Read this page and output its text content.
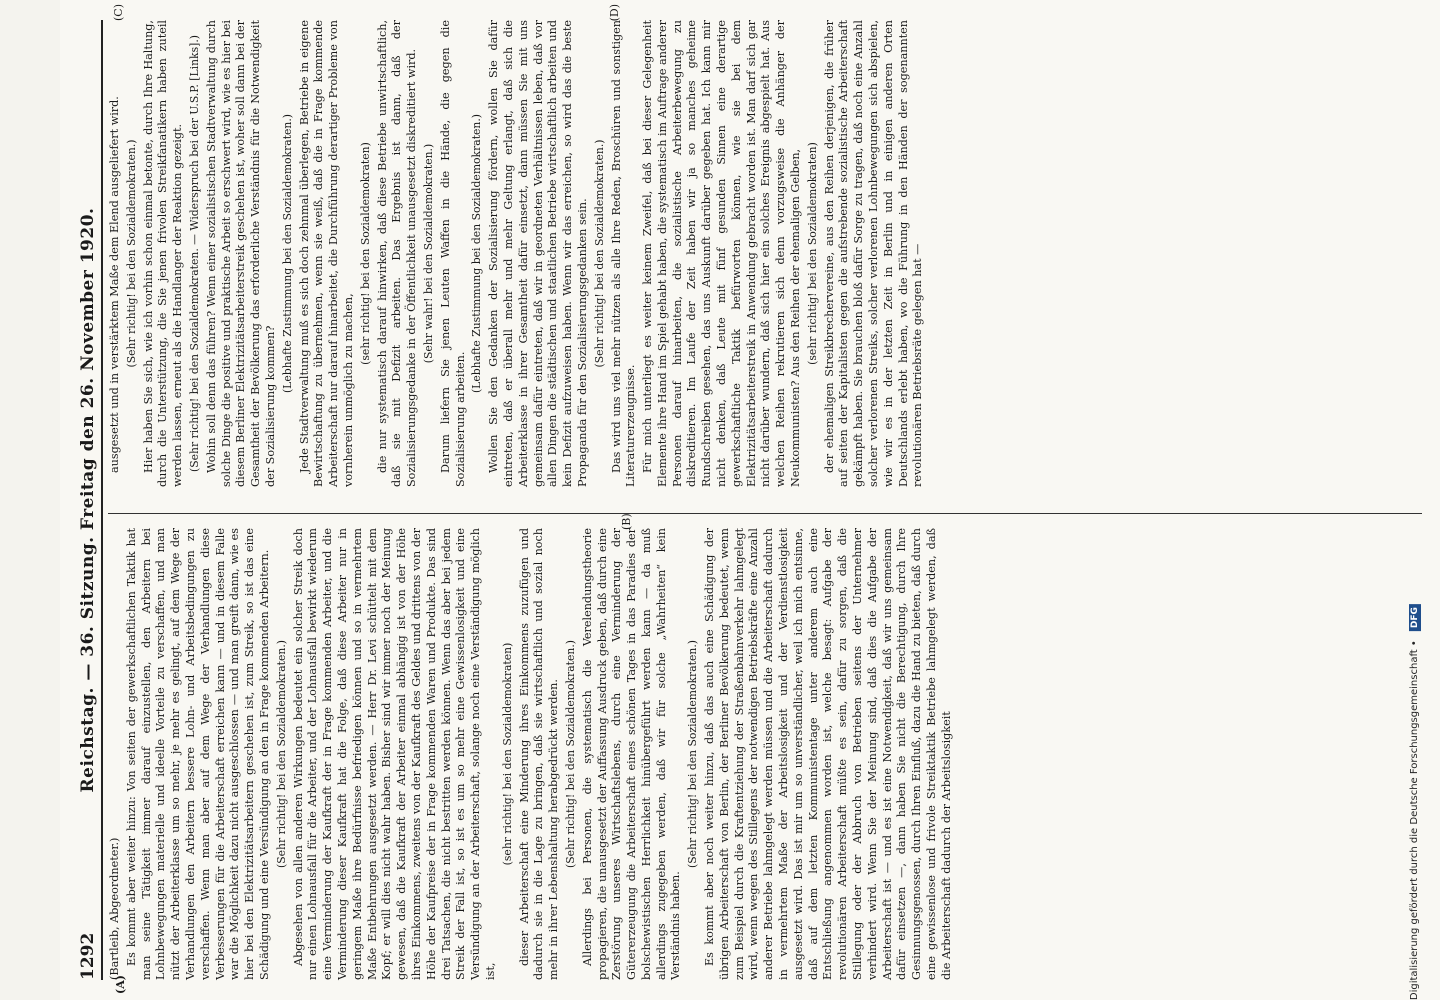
1292
Reichstag. — 36. Sitzung. Freitag den 26. November 1920.
(A)

(Bartleib, Abgeordneter.) Es kommt aber weiter hinzu: Von seiten der gewerkschaftlichen Taktik hat man seine Tätigkeit immer darauf einzustellen, den Arbeitern bei Lohnbewegungen materielle und ideelle Vorteile zu verschaffen, und man nützt der Arbeiterklasse um so mehr, je mehr es gelingt, auf dem Wege der Verhandlungen den Arbeitern bessere Lohn- und Arbeitsbedingungen zu verschaffen. Wenn man aber auf dem Wege der Verhandlungen diese Verbesserungen für die Arbeiterschaft erreichen kann — und in diesem Falle war die Möglichkeit dazu nicht ausgeschlossen — und man greift dann, wie es hier bei den Elektrizitätsarbeitern geschehen ist, zum Streik, so ist das eine Schädigung und eine Versündigung an den in Frage kommenden Arbeitern. (Sehr richtig! bei den Sozialdemokraten.) Abgesehen von allen anderen Wirkungen bedeutet ein solcher Streik doch nur einen Lohnausfall für die Arbeiter, und der Lohnausfall bewirkt wiederum eine Verminderung der Kaufkraft der in Frage kommenden Arbeiter, und die Verminderung dieser Kaufkraft hat die Folge, daß diese Arbeiter nur in geringem Maße ihre Bedürfnisse befriedigen können und so in vermehrtem Maße Entbehrungen ausgesetzt werden. — Herr Dr. Levi schüttelt mit dem Kopf; er will dies nicht wahr haben. Bisher sind wir immer noch der Meinung gewesen, daß die Kaufkraft der Arbeiter einmal abhängig ist von der Höhe ihres Einkommens, zweitens von der Kaufkraft des Geldes und drittens von der Höhe der Kaufpreise der in Frage kommenden Waren und Produkte. Das sind drei Tatsachen, die nicht bestritten werden können. Wenn das aber bei jedem Streik der Fall ist, so ist es um so mehr eine Gewissenlosigkeit und eine Versündigung an der Arbeiterschaft, solange noch eine Verständigung möglich ist,

(sehr richtig! bei den Sozialdemokraten) dieser Arbeiterschaft eine Minderung ihres Einkommens zuzufügen und dadurch sie in die Lage zu bringen, daß sie wirtschaftlich und sozial noch mehr in ihrer Lebenshaltung herabgedrückt werden. (Sehr richtig! bei den Sozialdemokraten.) Allerdings bei Personen, die systematisch die Verelendungstheorie propagieren, die unausgesetzt der Auffassung Ausdruck geben, daß durch eine Zerstörung unseres Wirtschaftslebens, durch eine Verminderung der Gütererzeugung die Arbeiterschaft eines schönen Tages in das Paradies der bolschewistischen Herrlichkeit hinübergeführt werden kann — da muß allerdings zugegeben werden, daß wir für solche „Wahrheiten“ kein Verständnis haben.

(Sehr richtig! bei den Sozialdemokraten.) Es kommt aber noch weiter hinzu, daß das auch eine Schädigung der übrigen Arbeiterschaft von Berlin, der Berliner Bevölkerung bedeutet, wenn zum Beispiel durch die Kraftentziehung der Straßenbahnverkehr lahmgelegt wird, wenn wegen des Stillegens der notwendigen Betriebskräfte eine Anzahl anderer Betriebe lahmgelegt werden müssen und die Arbeiterschaft dadurch in vermehrtem Maße der Arbeitslosigkeit und der Verdienstlosigkeit ausgesetzt wird. Das ist mir um so unverständlicher, weil ich mich entsinne, daß auf dem letzten Kommunistentage unter anderem auch eine Entschließung angenommen worden ist, welche besagt: Aufgabe der revolutionären Arbeiterschaft müßte es sein, dafür zu sorgen, daß die Stillegung oder der Abbruch von Betrieben seitens der Unternehmer verhindert wird. Wenn Sie der Meinung sind, daß dies die Aufgabe der Arbeiterschaft ist — und es ist eine Notwendigkeit, daß wir uns gemeinsam dafür einsetzen —, dann haben Sie nicht die Berechtigung, durch Ihre Gesinnungsgenossen, durch Ihren Einfluß, dazu die Hand zu bieten, daß durch eine gewissenlose und frivole Streiktaktik Betriebe lahmgelegt werden, daß die Arbeiterschaft dadurch der Arbeitslosigkeit

(C)	(D)

ausgesetzt und in verstärktem Maße dem Elend ausgeliefert wird. (Sehr richtig! bei den Sozialdemokraten.) Hier haben Sie sich, wie ich vorhin schon einmal betonte, durch Ihre Haltung, durch die Unterstützung, die Sie jenen frivolen Streikfanatikern haben zuteil werden lassen, erneut als die Handlanger der Reaktion gezeigt. (Sehr richtig! bei den Sozialdemokraten. — Widerspruch bei der U.S.P. [Links].) Wohin soll denn das führen? Wenn einer sozialistischen Stadtverwaltung durch solche Dinge die positive und praktische Arbeit so erschwert wird, wie es hier bei diesem Berliner Elektrizitätsarbeiterstreik geschehen ist, woher soll dann bei der Gesamtheit der Bevölkerung das erforderliche Verständnis für die Notwendigkeit der Sozialisierung kommen?

(Lebhafte Zustimmung bei den Sozialdemokraten.) Jede Stadtverwaltung muß es sich doch zehnmal überlegen, Betriebe in eigene Bewirtschaftung zu übernehmen, wenn sie weiß, daß die in Frage kommende Arbeiterschaft nur darauf hinarbeitet, die Durchführung derartiger Probleme von vornherein unmöglich zu machen,

(sehr richtig! bei den Sozialdemokraten) die nur systematisch darauf hinwirken, daß diese Betriebe unwirtschaftlich, daß sie mit Defizit arbeiten. Das Ergebnis ist dann, daß der Sozialisierungsgedanke in der Öffentlichkeit unausgesetzt diskreditiert wird. (Sehr wahr! bei den Sozialdemokraten.) Darum liefern Sie jenen Leuten Waffen in die Hände, die gegen die Sozialisierung arbeiten.

(Lebhafte Zustimmung bei den Sozialdemokraten.) Wollen Sie den Gedanken der Sozialisierung fördern, wollen Sie dafür eintreten, daß er überall mehr und mehr Geltung erlangt, daß sich die Arbeiterklasse in ihrer Gesamtheit dafür einsetzt, dann müssen Sie mit uns gemeinsam dafür eintreten, daß wir in geordneten Verhältnissen leben, daß vor allen Dingen die städtischen und staatlichen Betriebe wirtschaftlich arbeiten und kein Defizit aufzuweisen haben. Wenn wir das erreichen, so wird das die beste Propaganda für den Sozialisierungsgedanken sein. (Sehr richtig! bei den Sozialdemokraten.) Das wird uns viel mehr nützen als alle Ihre Reden, Broschüren und sonstigen Literaturerzeugnisse. Für mich unterliegt es weiter keinem Zweifel, daß bei dieser Gelegenheit Elemente ihre Hand im Spiel gehabt haben, die systematisch im Auftrage anderer Personen darauf hinarbeiten, die sozialistische Arbeiterbewegung zu diskreditieren. Im Laufe der Zeit haben wir ja so manches geheime Rundschreiben gesehen, das uns Auskunft darüber gegeben hat. Ich kann mir nicht denken, daß Leute mit fünf gesunden Sinnen eine derartige gewerkschaftliche Taktik befürworten können, wie sie bei dem Elektrizitätsarbeiterstreik in Anwendung gebracht worden ist. Man darf sich gar nicht darüber wundern, daß sich hier ein solches Ereignis abgespielt hat. Aus welchen Reihen rekrutieren sich denn vorzugsweise die Anhänger der Neukommunisten? Aus den Reihen der ehemaligen Gelben, (sehr richtig! bei den Sozialdemokraten) der ehemaligen Streikbrechervereine, aus den Reihen derjenigen, die früher auf seiten der Kapitalisten gegen die aufstrebende sozialistische Arbeiterschaft gekämpft haben. Sie brauchen bloß dafür Sorge zu tragen, daß noch eine Anzahl solcher verlorenen Streiks, solcher verlorenen Lohnbewegungen sich abspielen, wie wir es in der letzten Zeit in Berlin und in einigen anderen Orten Deutschlands erlebt haben, wo die Führung in den Händen der sogenannten revolutionären Betriebsräte gelegen hat —

(B)
Digitalisierung gefördert durch die Deutsche Forschungsgemeinschaft • DFG
